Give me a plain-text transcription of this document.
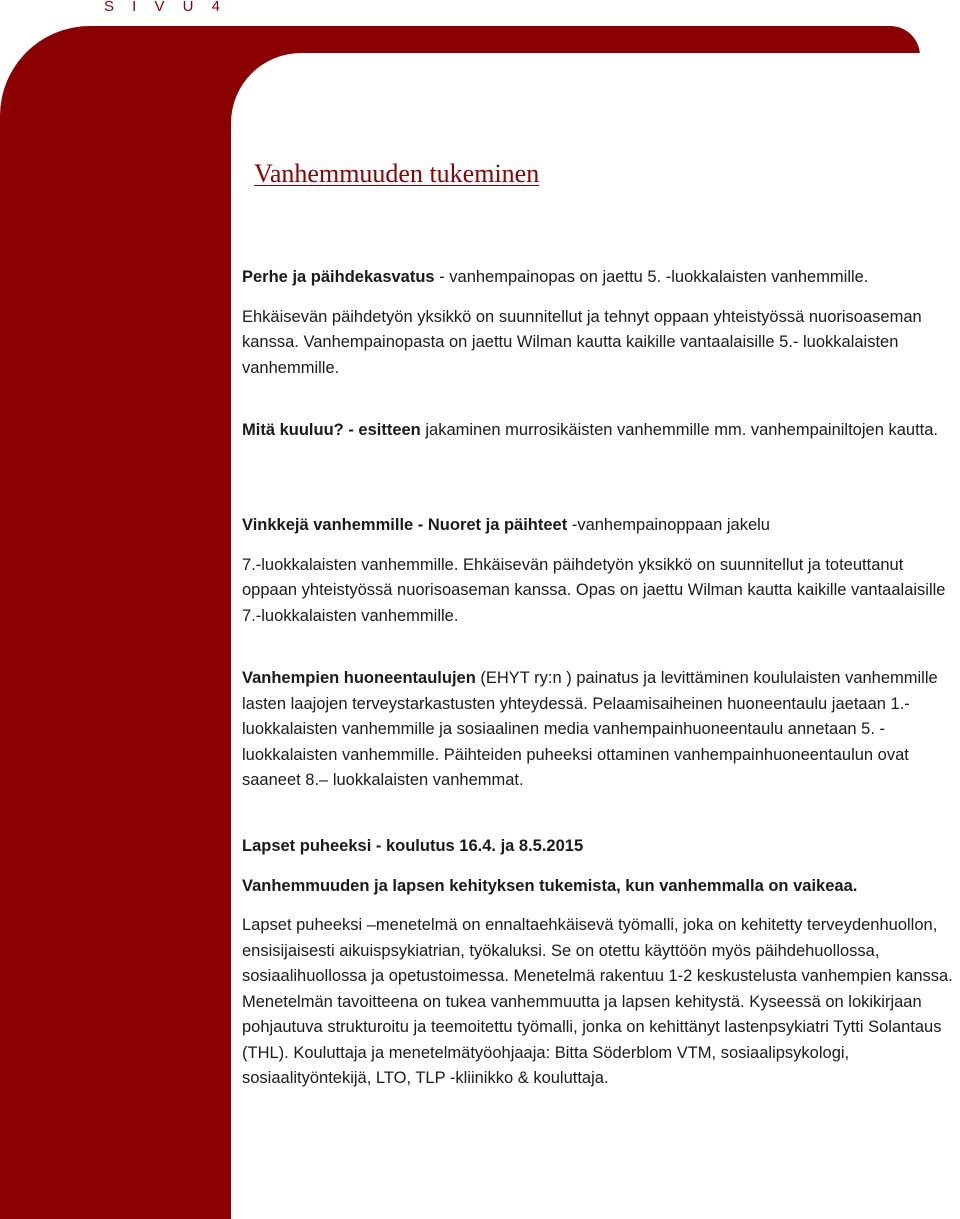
S I V U 4
Vanhemmuuden tukeminen

Perhe ja päihdekasvatus - vanhempainopas on jaettu 5. -luokkalaisten vanhemmille.

Ehkäisevän päihdetyön yksikkö on suunnitellut ja tehnyt oppaan yhteistyössä nuorisoaseman kanssa. Vanhempainopasta on jaettu Wilman kautta kaikille vantaalaisille 5.- luokkalaisten vanhemmille.

Mitä kuuluu? - esitteen jakaminen murrosikäisten vanhemmille mm. vanhempainiltojen kautta.

Vinkkejä vanhemmille - Nuoret ja päihteet -vanhempainoppaan jakelu

7.-luokkalaisten vanhemmille. Ehkäisevän päihdetyön yksikkö on suunnitellut ja toteuttanut oppaan yhteistyössä nuorisoaseman kanssa. Opas on jaettu Wilman kautta kaikille vantaalaisille 7.-luokkalaisten vanhemmille.

Vanhempien huoneentaulujen (EHYT ry:n ) painatus ja levittäminen koululaisten vanhemmille lasten laajojen terveystarkastusten yhteydessä. Pelaamisaiheinen huoneentaulu jaetaan 1.-luokkalaisten vanhemmille ja sosiaalinen media vanhempainhuoneentaulu annetaan 5. - luokkalaisten vanhemmille. Päihteiden puheeksi ottaminen vanhempainhuoneentaulun ovat saaneet 8.– luokkalaisten vanhemmat.

Lapset puheeksi - koulutus 16.4. ja 8.5.2015

Vanhemmuuden ja lapsen kehityksen tukemista, kun vanhemmalla on vaikeaa.

Lapset puheeksi –menetelmä on ennaltaehkäisevä työmalli, joka on kehitetty terveydenhuollon, ensisijaisesti aikuispsykiatrian, työkaluksi. Se on otettu käyttöön myös päihdehuollossa, sosiaalihuollossa ja opetustoimessa. Menetelmä rakentuu 1-2 keskustelusta vanhempien kanssa. Menetelmän tavoitteena on tukea vanhemmuutta ja lapsen kehitystä. Kyseessä on lokikirjaan pohjautuva strukturoitu ja teemoitettu työmalli, jonka on kehittänyt lastenpsykiatri Tytti Solantaus (THL). Kouluttaja ja menetelmätyöohjaaja: Bitta Söderblom VTM, sosiaalipsykologi, sosiaalityöntekijä, LTO, TLP -kliinikko & kouluttaja.
